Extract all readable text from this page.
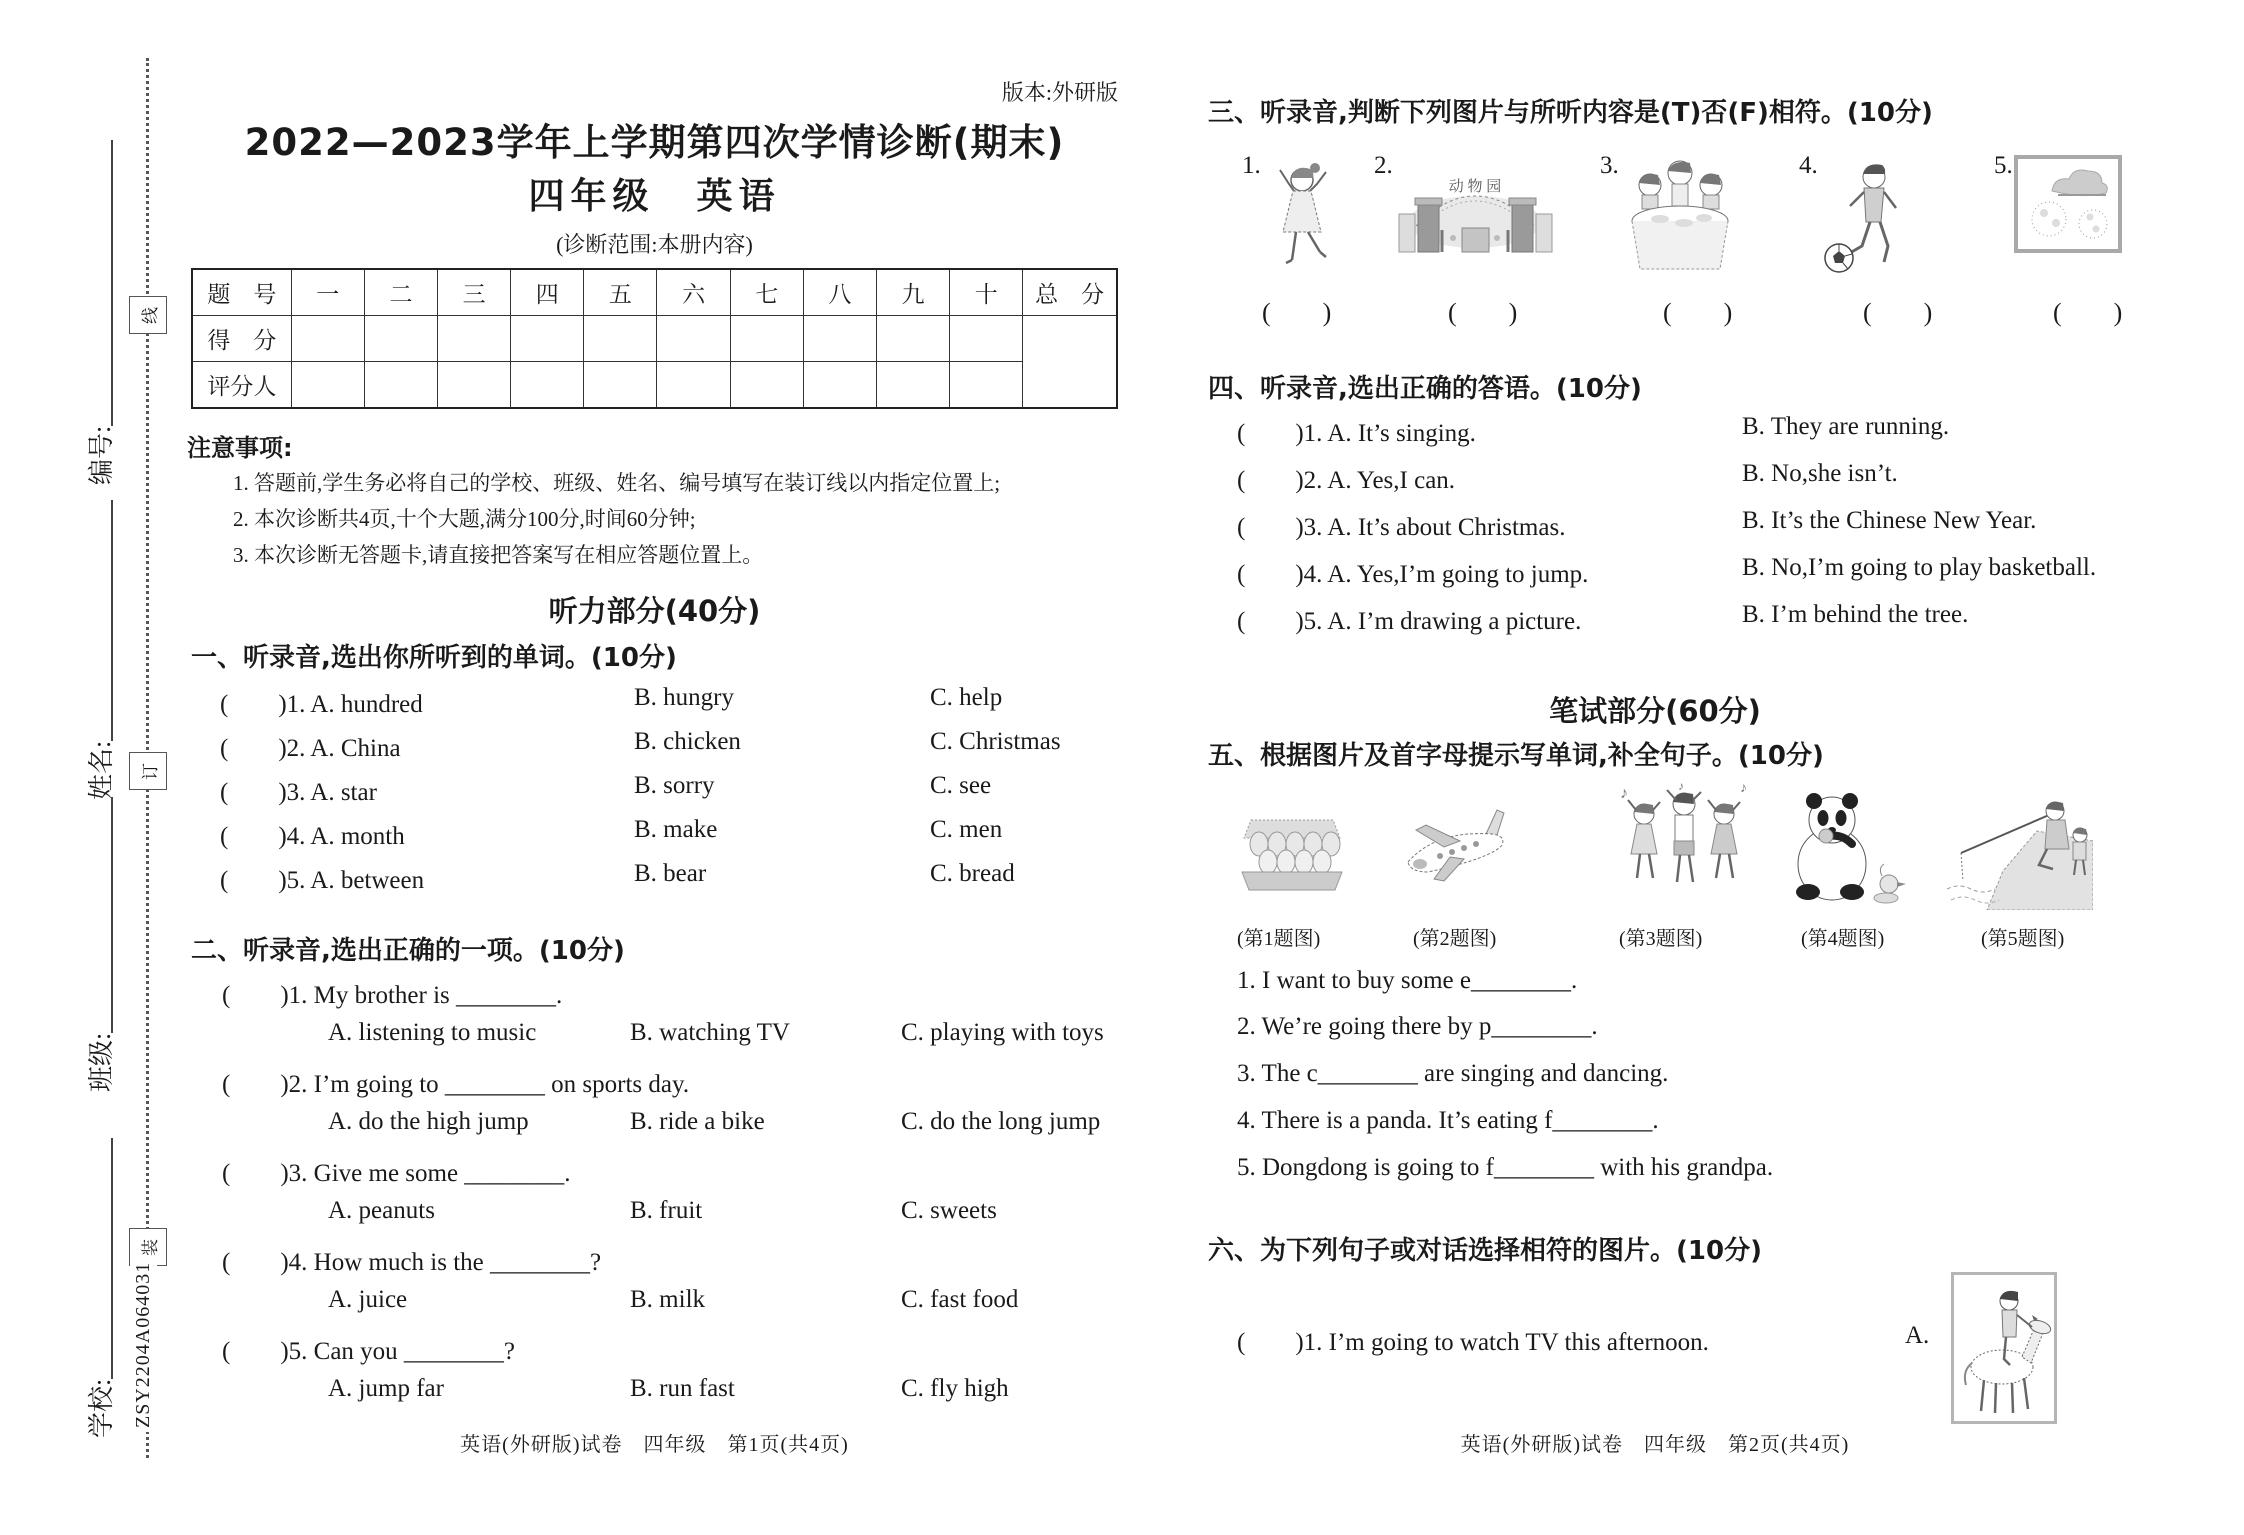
线
订
装
编号:
姓名:
班级:
学校: ZSY2204A064031
版本:外研版
2022—2023学年上学期第四次学情诊断(期末)
四年级　英语
(诊断范围:本册内容)
题　号	一	二	三	四	五	六	七	八	九	十	总　分
得　分											
评分人											
注意事项:
1. 答题前,学生务必将自己的学校、班级、姓名、编号填写在装订线以内指定位置上;
2. 本次诊断共4页,十个大题,满分100分,时间60分钟;
3. 本次诊断无答题卡,请直接把答案写在相应答题位置上。
听力部分(40分)
一、听录音,选出你所听到的单词。(10分)
(　　)1. A. hundred	B. hungry	C. help
(　　)2. A. China	B. chicken	C. Christmas
(　　)3. A. star	B. sorry	C. see
(　　)4. A. month	B. make	C. men
(　　)5. A. between	B. bear	C. bread
二、听录音,选出正确的一项。(10分)
(　　)1. My brother is ________.
A. listening to music	B. watching TV	C. playing with toys
(　　)2. I’m going to ________ on sports day.
A. do the high jump	B. ride a bike	C. do the long jump
(　　)3. Give me some ________.
A. peanuts	B. fruit	C. sweets
(　　)4. How much is the ________?
A. juice	B. milk	C. fast food
(　　)5. Can you ________?
A. jump far	B. run fast	C. fly high
英语(外研版)试卷　四年级　第1页(共4页)
三、听录音,判断下列图片与所听内容是(T)否(F)相符。(10分)
1.	2.	3.	4.	5.
动 物 园
(　　)	(　　)	(　　)	(　　)	(　　)
四、听录音,选出正确的答语。(10分)
(　　)1. A. It’s singing.	B. They are running.
(　　)2. A. Yes,I can.	B. No,she isn’t.
(　　)3. A. It’s about Christmas.	B. It’s the Chinese New Year.
(　　)4. A. Yes,I’m going to jump.	B. No,I’m going to play basketball.
(　　)5. A. I’m drawing a picture.	B. I’m behind the tree.
笔试部分(60分)
五、根据图片及首字母提示写单词,补全句子。(10分)
♪	♪
♪
(第1题图)	(第2题图)	(第3题图)	(第4题图)	(第5题图)
1. I want to buy some e________.
2. We’re going there by p________.
3. The c________ are singing and dancing.
4. There is a panda. It’s eating f________.
5. Dongdong is going to f________ with his grandpa.
六、为下列句子或对话选择相符的图片。(10分)
(　　)1. I’m going to watch TV this afternoon.	A.
英语(外研版)试卷　四年级　第2页(共4页)
